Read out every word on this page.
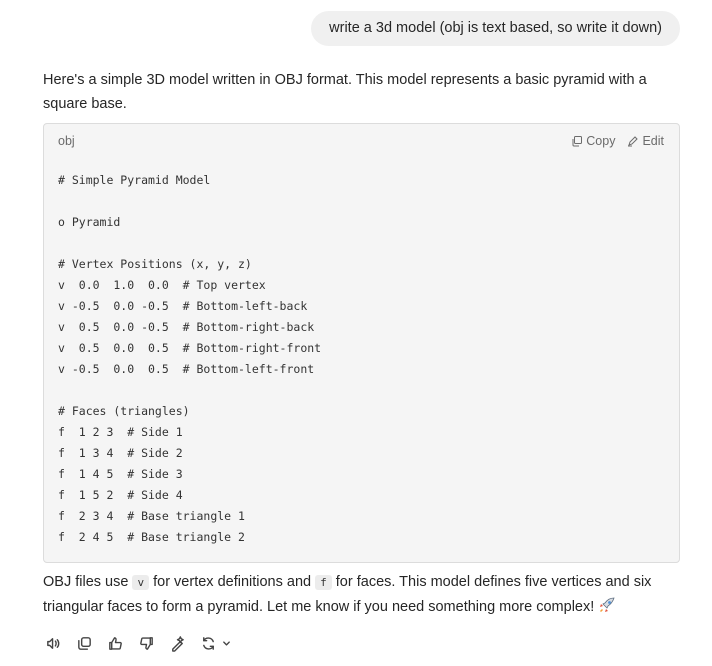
write a 3d model (obj is text based, so write it down)
Here's a simple 3D model written in OBJ format. This model represents a basic pyramid with a square base.
obj	Copy Edit
# Simple Pyramid Model
o Pyramid
# Vertex Positions (x, y, z)
v  0.0  1.0  0.0  # Top vertex
v -0.5  0.0 -0.5  # Bottom-left-back
v  0.5  0.0 -0.5  # Bottom-right-back
v  0.5  0.0  0.5  # Bottom-right-front
v -0.5  0.0  0.5  # Bottom-left-front
# Faces (triangles)
f  1 2 3  # Side 1
f  1 3 4  # Side 2
f  1 4 5  # Side 3
f  1 5 2  # Side 4
f  2 3 4  # Base triangle 1
f  2 4 5  # Base triangle 2
OBJ files use v for vertex definitions and f for faces. This model defines five vertices and six triangular faces to form a pyramid. Let me know if you need something more complex!
